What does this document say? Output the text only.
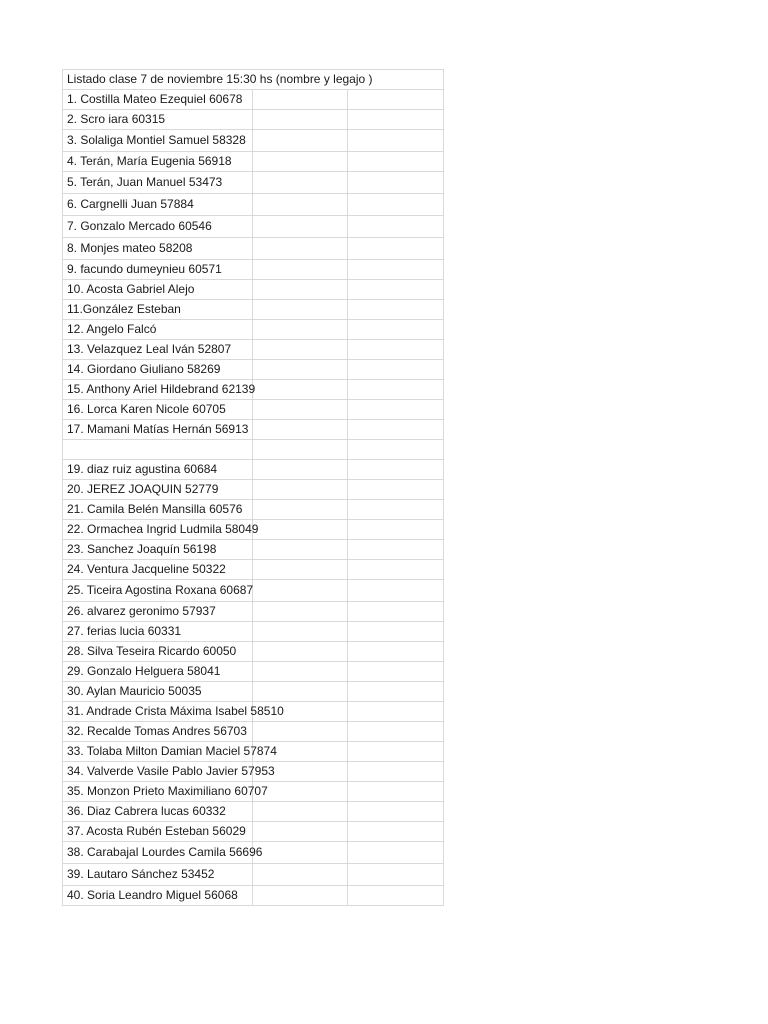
Listado clase 7 de noviembre 15:30 hs (nombre y legajo )		
1. Costilla Mateo Ezequiel 60678		
2. Scro iara 60315		
3. Solaliga Montiel Samuel 58328		
4. Terán, María Eugenia 56918		
5. Terán, Juan Manuel 53473		
6. Cargnelli Juan 57884		
7. Gonzalo Mercado 60546		
8. Monjes mateo 58208		
9. facundo dumeynieu 60571		
10. Acosta Gabriel Alejo		
11.González Esteban		
12. Angelo Falcó		
13. Velazquez Leal Iván 52807		
14. Giordano Giuliano 58269		
15. Anthony Ariel Hildebrand 62139		
16. Lorca Karen Nicole 60705		
17. Mamani Matías Hernán 56913		

19. diaz ruiz agustina 60684		
20. JEREZ JOAQUIN 52779		
21. Camila Belén Mansilla 60576		
22. Ormachea Ingrid Ludmila 58049		
23. Sanchez Joaquín 56198		
24. Ventura Jacqueline 50322		
25. Ticeira Agostina Roxana 60687		
26. alvarez geronimo 57937		
27. ferias lucia 60331		
28. Silva Teseira Ricardo 60050		
29. Gonzalo Helguera 58041		
30. Aylan Mauricio 50035		
31. Andrade Crista Máxima Isabel 58510		
32. Recalde Tomas Andres 56703		
33. Tolaba Milton Damian Maciel 57874		
34. Valverde Vasile Pablo Javier 57953		
35. Monzon Prieto Maximiliano 60707		
36. Diaz Cabrera lucas 60332		
37. Acosta Rubén Esteban 56029		
38. Carabajal Lourdes Camila 56696		
39. Lautaro Sánchez 53452		
40. Soria Leandro Miguel 56068		
